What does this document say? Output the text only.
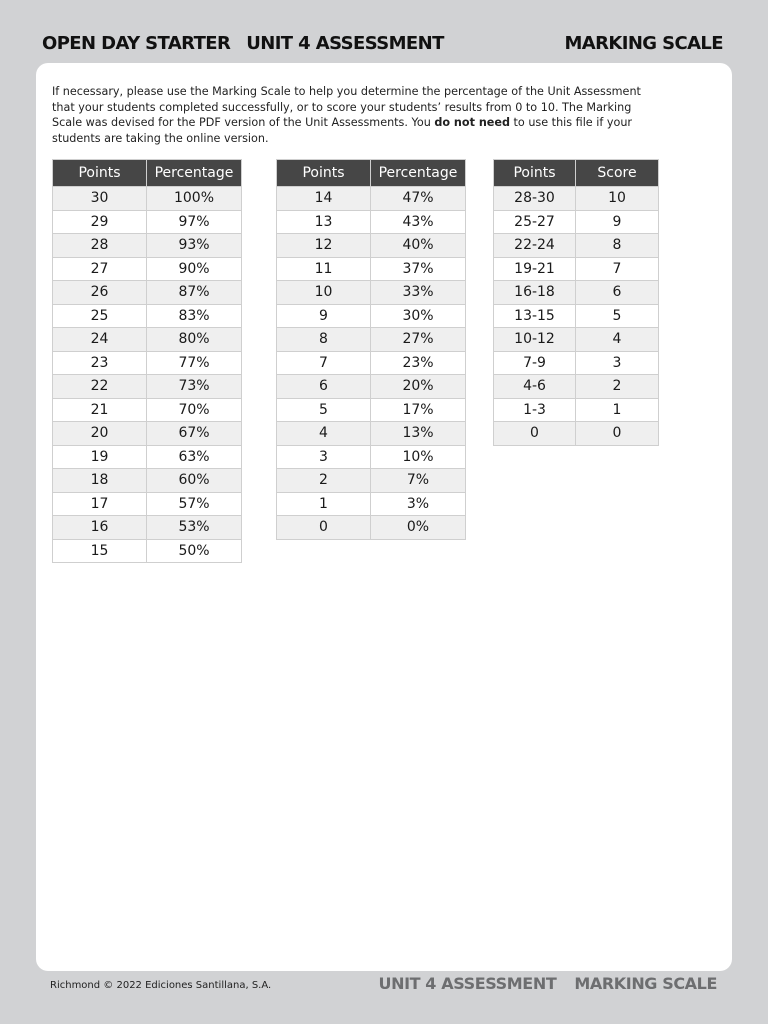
OPEN DAY STARTER UNIT 4 ASSESSMENT	MARKING SCALE

If necessary, please use the Marking Scale to help you determine the percentage of the Unit Assessment that your students completed successfully, or to score your students’ results from 0 to 10. The Marking Scale was devised for the PDF version of the Unit Assessments. You do not need to use this file if your students are taking the online version.

Points	Percentage
30	100%
29	97%
28	93%
27	90%
26	87%
25	83%
24	80%
23	77%
22	73%
21	70%
20	67%
19	63%
18	60%
17	57%
16	53%
15	50%
Points	Percentage
14	47%
13	43%
12	40%
11	37%
10	33%
9	30%
8	27%
7	23%
6	20%
5	17%
4	13%
3	10%
2	7%
1	3%
0	0%
Points	Score
28-30	10
25-27	9
22-24	8
19-21	7
16-18	6
13-15	5
10-12	4
7-9	3
4-6	2
1-3	1
0	0
Richmond © 2022 Ediciones Santillana, S.A.	UNIT 4 ASSESSMENT MARKING SCALE
